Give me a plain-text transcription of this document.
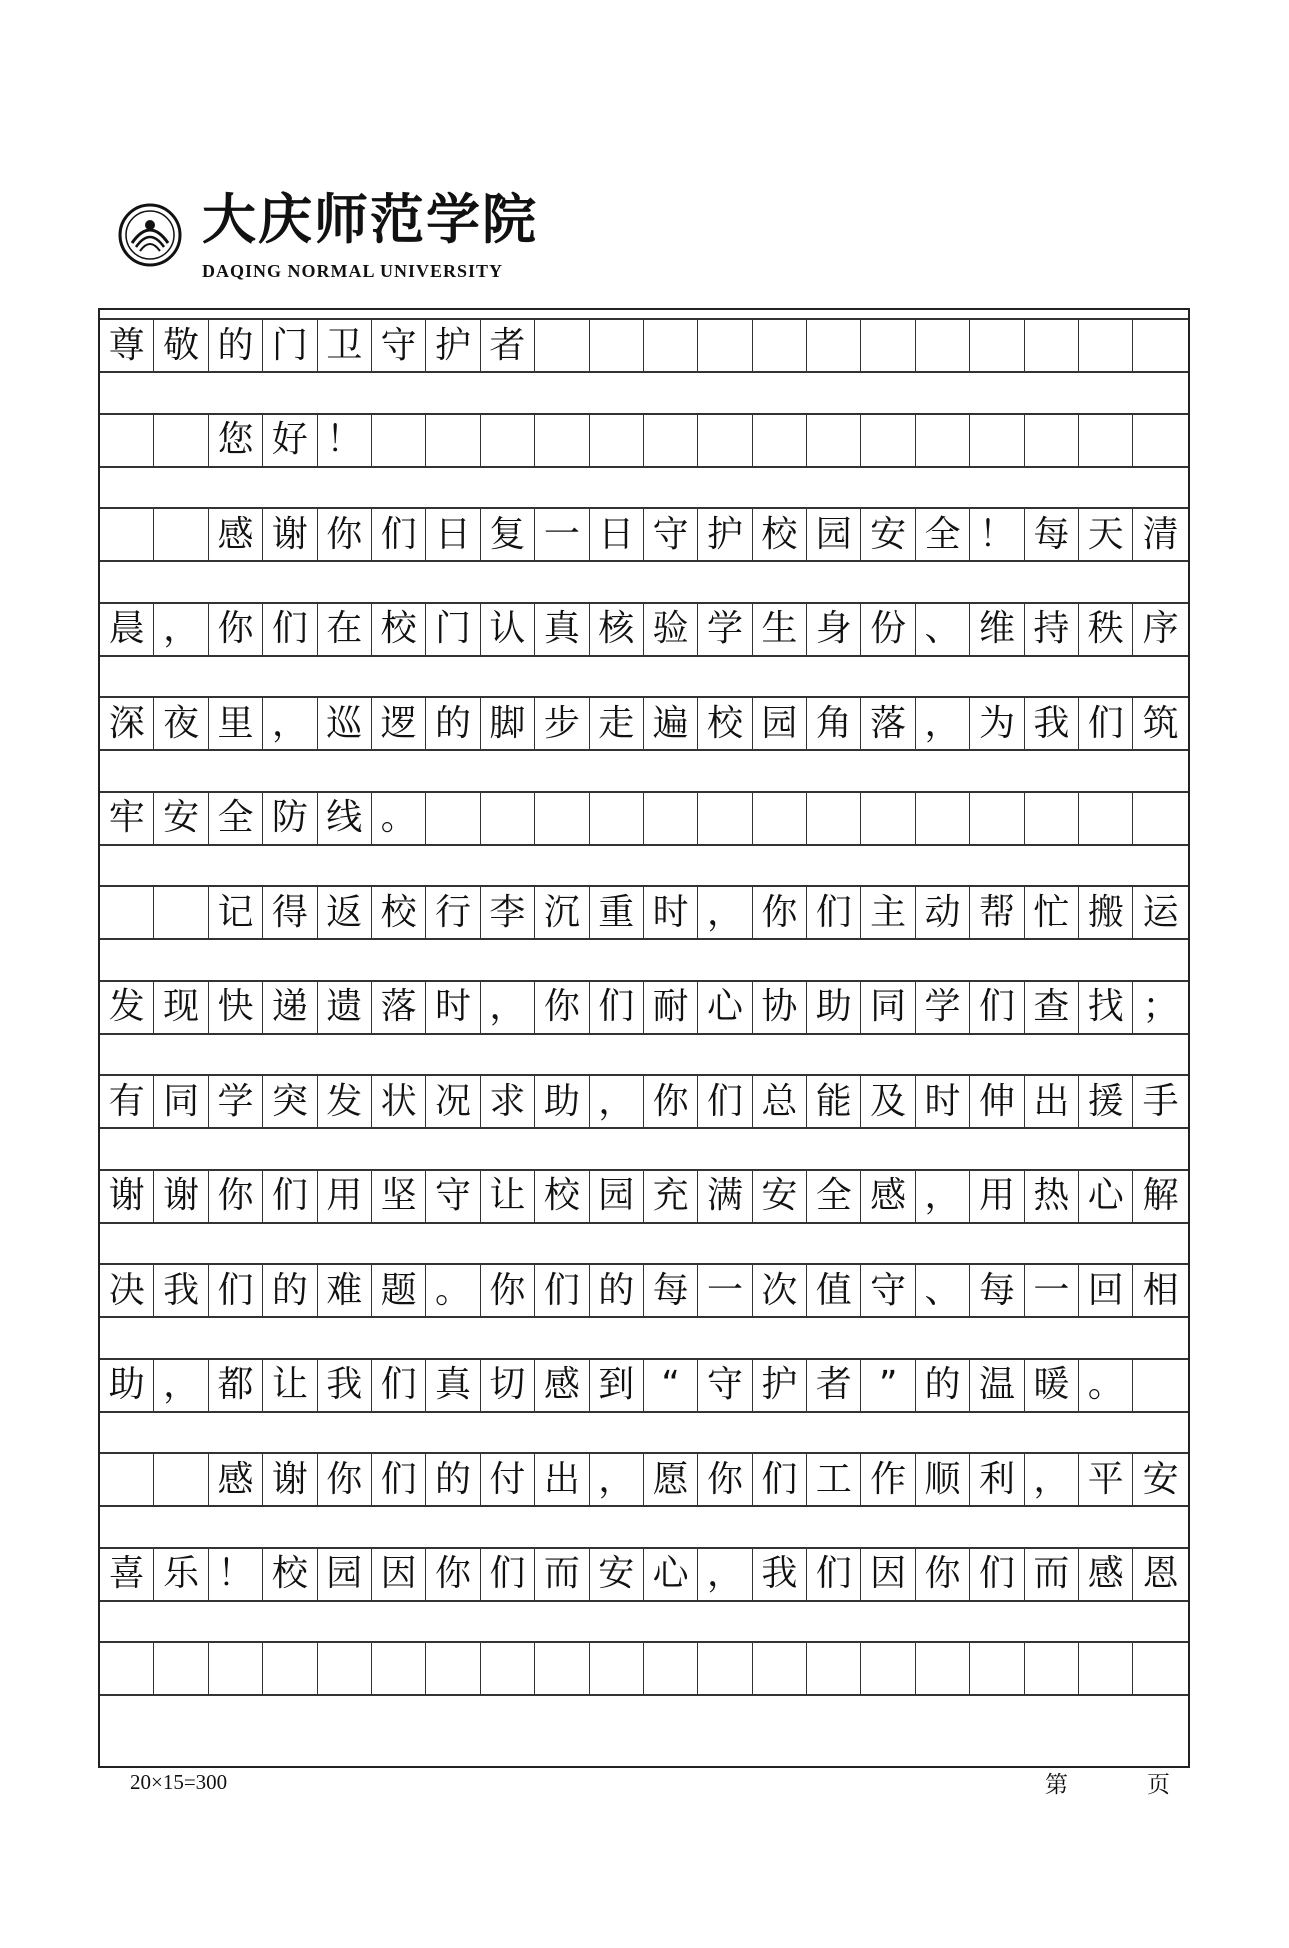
大庆师范学院
DAQING NORMAL UNIVERSITY
尊 敬 的 门 卫 守 护 者
您 好 ！
感 谢 你 们 日 复 一 日 守 护 校 园 安 全 ！ 每 天 清
晨 ， 你 们 在 校 门 认 真 核 验 学 生 身 份 、 维 持 秩 序
深 夜 里 ， 巡 逻 的 脚 步 走 遍 校 园 角 落 ， 为 我 们 筑
牢 安 全 防 线 。
记 得 返 校 行 李 沉 重 时 ， 你 们 主 动 帮 忙 搬 运
发 现 快 递 遗 落 时 ， 你 们 耐 心 协 助 同 学 们 查 找 ；
有 同 学 突 发 状 况 求 助 ， 你 们 总 能 及 时 伸 出 援 手
谢 谢 你 们 用 坚 守 让 校 园 充 满 安 全 感 ， 用 热 心 解
决 我 们 的 难 题 。 你 们 的 每 一 次 值 守 、 每 一 回 相
助 ， 都 让 我 们 真 切 感 到 “ 守 护 者 ” 的 温 暖 。
感 谢 你 们 的 付 出 ， 愿 你 们 工 作 顺 利 ， 平 安
喜 乐 ！ 校 园 因 你 们 而 安 心 ， 我 们 因 你 们 而 感 恩
20×15=300	第	页
